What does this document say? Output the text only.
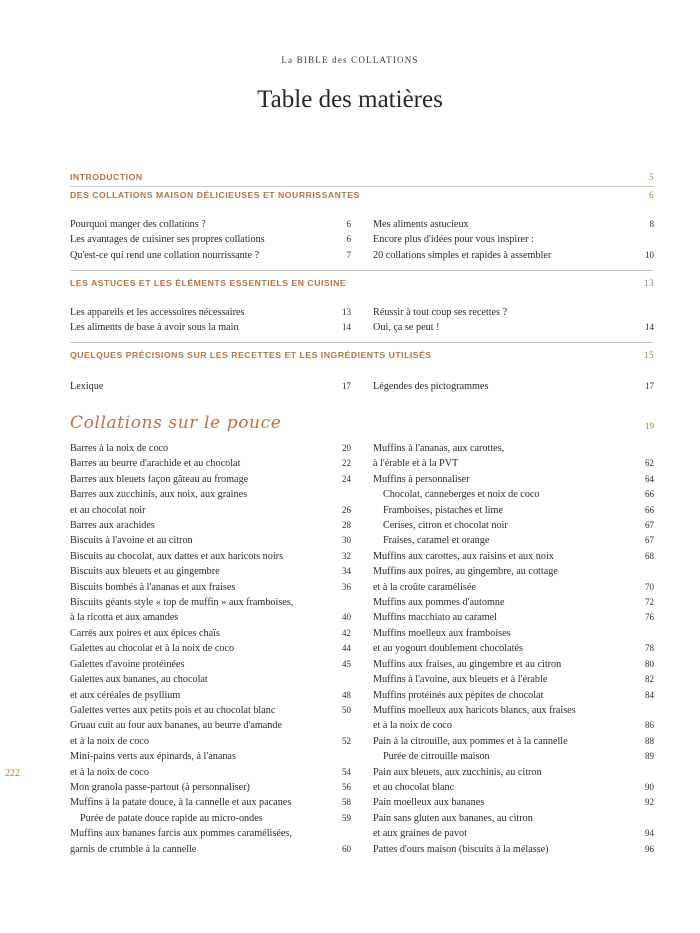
La BIBLE des COLLATIONS
Table des matières
INTRODUCTION	5
DES COLLATIONS MAISON DÉLICIEUSES ET NOURRISSANTES	6
Pourquoi manger des collations ?	6
Les avantages de cuisiner ses propres collations	6
Qu'est-ce qui rend une collation nourrissante ?	7
Mes aliments astucieux	8
Encore plus d'idées pour vous inspirer :
20 collations simples et rapides à assembler	10
LES ASTUCES ET LES ÉLÉMENTS ESSENTIELS EN CUISINE	13
Les appareils et les accessoires nécessaires	13
Les aliments de base à avoir sous la main	14
Réussir à tout coup ses recettes ?
Oui, ça se peut !	14
QUELQUES PRÉCISIONS SUR LES RECETTES ET LES INGRÉDIENTS UTILISÉS	15
Lexique	17 Légendes des pictogrammes	17
Collations sur le pouce	19
Barres à la noix de coco	20
Barres au beurre d'arachide et au chocolat	22
Barres aux bleuets façon gâteau au fromage	24
Barres aux zucchinis, aux noix, aux graines
et au chocolat noir	26
Barres aux arachides	28
Biscuits à l'avoine et au citron	30
Biscuits au chocolat, aux dattes et aux haricots noirs	32
Biscuits aux bleuets et au gingembre	34
Biscuits bombés à l'ananas et aux fraises	36
Biscuits géants style « top de muffin » aux framboises,
à la ricotta et aux amandes	40
Carrés aux poires et aux épices chaïs	42
Galettes au chocolat et à la noix de coco	44
Galettes d'avoine protéinées	45
Galettes aux bananes, au chocolat
et aux céréales de psyllium	48
Galettes vertes aux petits pois et au chocolat blanc	50
Gruau cuit au four aux bananes, au beurre d'amande
et à la noix de coco	52
Mini-pains verts aux épinards, à l'ananas
et à la noix de coco	54
Mon granola passe-partout (à personnaliser)	56
Muffins à la patate douce, à la cannelle et aux pacanes	58
Purée de patate douce rapide au micro-ondes	59
Muffins aux bananes farcis aux pommes caramélisées,
garnis de crumble à la cannelle	60
Muffins à l'ananas, aux carottes,
à l'érable et à la PVT	62
Muffins à personnaliser	64
Chocolat, canneberges et noix de coco	66
Framboises, pistaches et lime	66
Cerises, citron et chocolat noir	67
Fraises, caramel et orange	67
Muffins aux carottes, aux raisins et aux noix	68
Muffins aux poires, au gingembre, au cottage
et à la croûte caramélisée	70
Muffins aux pommes d'automne	72
Muffins macchiato au caramel	76
Muffins moelleux aux framboises
et au yogourt doublement chocolatés	78
Muffins aux fraises, au gingembre et au citron	80
Muffins à l'avoine, aux bleuets et à l'érable	82
Muffins protéinés aux pépites de chocolat	84
Muffins moelleux aux haricots blancs, aux fraises
et à la noix de coco	86
Pain à la citrouille, aux pommes et à la cannelle	88
Purée de citrouille maison	89
Pain aux bleuets, aux zucchinis, au citron
et au chocolat blanc	90
Pain moelleux aux bananes	92
Pain sans gluten aux bananes, au citron
et aux graines de pavot	94
Pattes d'ours maison (biscuits à la mélasse)	96
222
